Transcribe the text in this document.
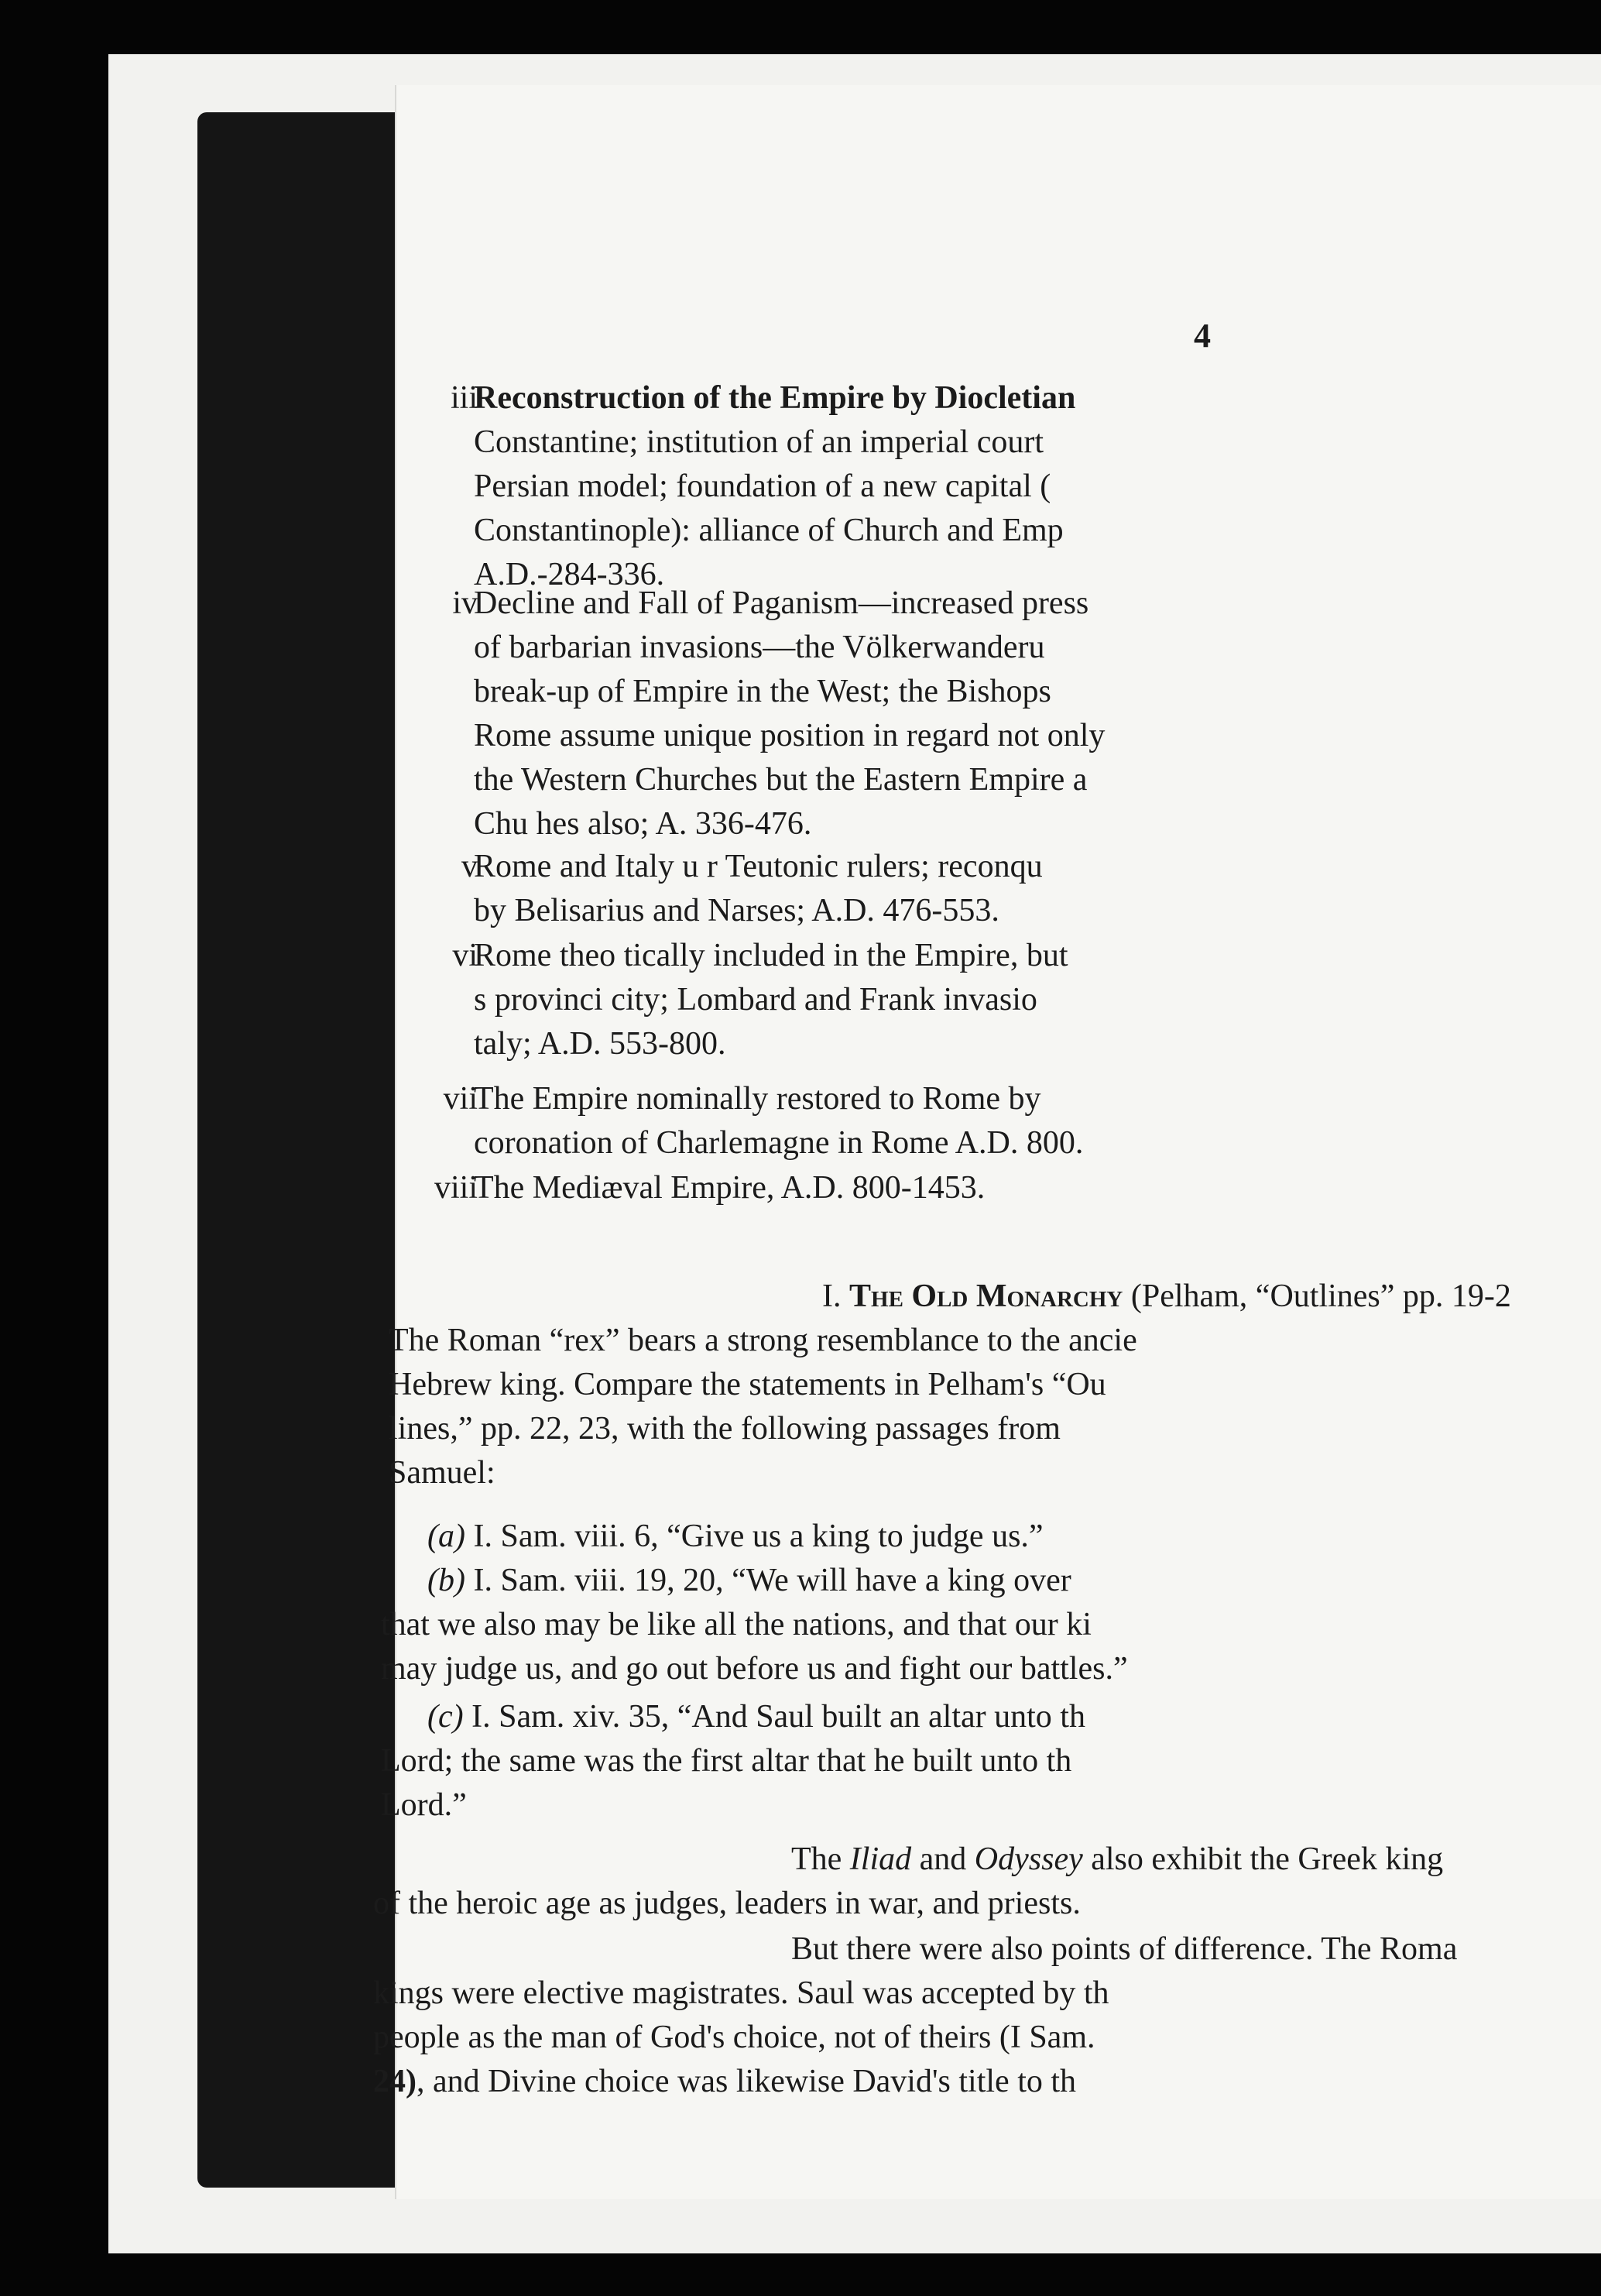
4
iii
Reconstruction of the Empire by Diocletian
Constantine; institution of an imperial court
Persian model; foundation of a new capital (
Constantinople): alliance of Church and Emp
A.D.-284-336.
iv
Decline and Fall of Paganism—increased press
of barbarian invasions—the Völkerwanderu
break-up of Empire in the West; the Bishops
Rome assume unique position in regard not only
the Western Churches but the Eastern Empire a
Chu hes also; A. 336-476.
v
Rome and Italy u r Teutonic rulers; reconqu
by Belisarius and Narses; A.D. 476-553.
vi
Rome theo tically included in the Empire, but
s provinci city; Lombard and Frank invasio
taly; A.D. 553-800.
vii
The Empire nominally restored to Rome by
coronation of Charlemagne in Rome A.D. 800.
viii
The Mediæval Empire, A.D. 800-1453.
I. The Old Monarchy (Pelham, “Outlines” pp. 19-2
The Roman “rex” bears a strong resemblance to the ancie
Hebrew king. Compare the statements in Pelham's “Ou
lines,” pp. 22, 23, with the following passages from
Samuel:
(a) I. Sam. viii. 6, “Give us a king to judge us.”
(b) I. Sam. viii. 19, 20, “We will have a king over
that we also may be like all the nations, and that our ki
may judge us, and go out before us and fight our battles.”
(c) I. Sam. xiv. 35, “And Saul built an altar unto th
Lord; the same was the first altar that he built unto th
Lord.”
The Iliad and Odyssey also exhibit the Greek king
of the heroic age as judges, leaders in war, and priests.
But there were also points of difference. The Roma
kings were elective magistrates. Saul was accepted by th
people as the man of God's choice, not of theirs (I Sam.
24), and Divine choice was likewise David's title to th
